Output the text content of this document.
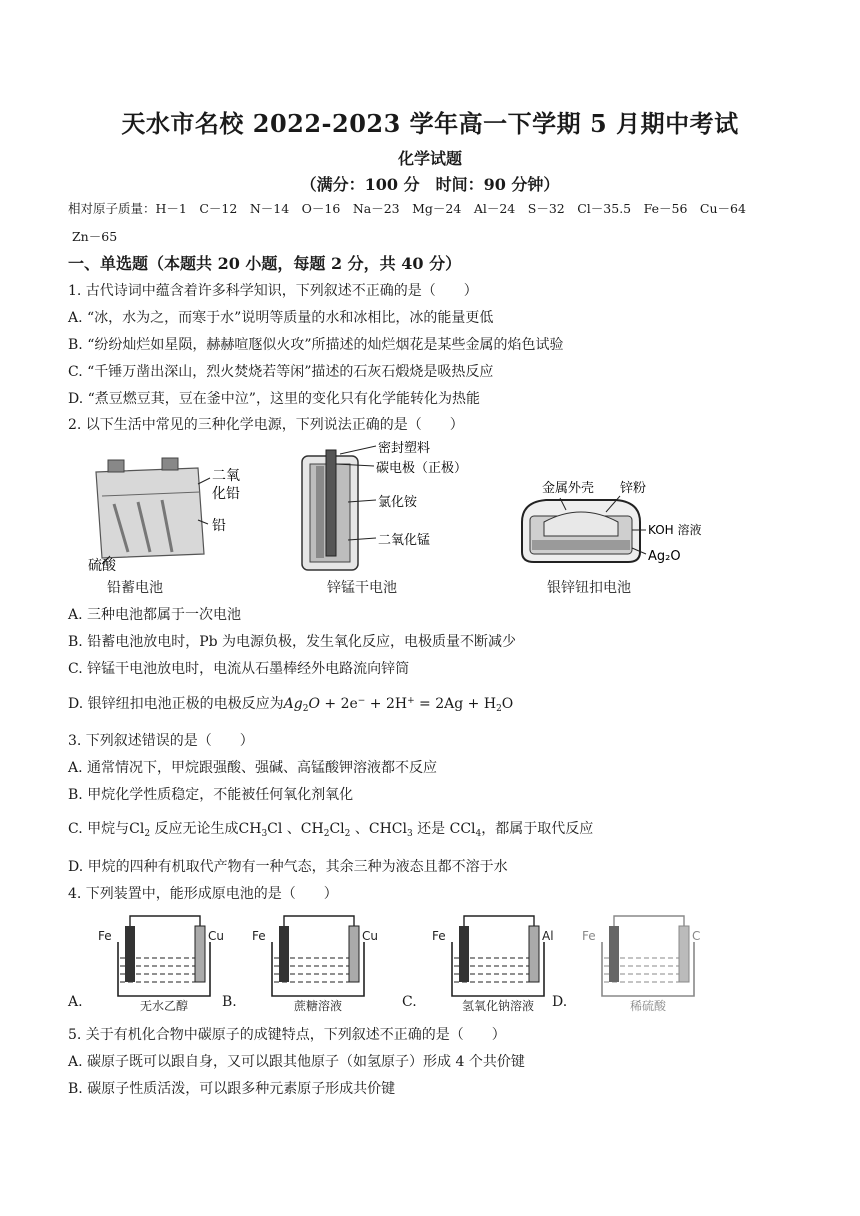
天水市名校 2022-2023 学年高一下学期 5 月期中考试
化学试题
（满分：100 分　时间：90 分钟）
相对原子质量：H－1　C－12　N－14　O－16　Na－23　Mg－24　Al－24　S－32　Cl－35.5　Fe－56　Cu－64
Zn－65
一、单选题（本题共 20 小题，每题 2 分，共 40 分）
1. 古代诗词中蕴含着许多科学知识，下列叙述不正确的是（　　）
A. “冰，水为之，而寒于水”说明等质量的水和冰相比，冰的能量更低
B. “纷纷灿烂如星陨，赫赫喧豗似火攻”所描述的灿烂烟花是某些金属的焰色试验
C. “千锤万凿出深山，烈火焚烧若等闲”描述的石灰石煅烧是吸热反应
D. “煮豆燃豆萁，豆在釜中泣”，这里的变化只有化学能转化为热能
2. 以下生活中常见的三种化学电源，下列说法正确的是（　　）
二氧
化铅
铅
硫酸
铅蓄电池
密封塑料
碳电极（正极）
氯化铵
二氧化锰
锌锰干电池
金属外壳 锌粉
KOH 溶液
Ag₂O
银锌钮扣电池
A. 三种电池都属于一次电池
B. 铅蓄电池放电时，Pb 为电源负极，发生氧化反应，电极质量不断减少
C. 锌锰干电池放电时，电流从石墨棒经外电路流向锌筒
D. 银锌纽扣电池正极的电极反应为$Ag_2O + 2e^- + 2H^+ = 2Ag + H_2O$
3. 下列叙述错误的是（　　）
A. 通常情况下，甲烷跟强酸、强碱、高锰酸钾溶液都不反应
B. 甲烷化学性质稳定，不能被任何氧化剂氧化
C. 甲烷与$Cl_2$ 反应无论生成$CH_3Cl$ 、$CH_2Cl_2$ 、CHCl$_3$ 还是 CCl$_4$，都属于取代反应
D. 甲烷的四种有机取代产物有一种气态，其余三种为液态且都不溶于水
4. 下列装置中，能形成原电池的是（　　）
A.
Fe	Cu
无水乙醇 B.
Fe	Cu
蔗糖溶液	C.
Fe	Al
氢氧化钠溶液 D.
Fe	C
稀硫酸
5. 关于有机化合物中碳原子的成键特点，下列叙述不正确的是（　　）
A. 碳原子既可以跟自身，又可以跟其他原子（如氢原子）形成 4 个共价键
B. 碳原子性质活泼，可以跟多种元素原子形成共价键
